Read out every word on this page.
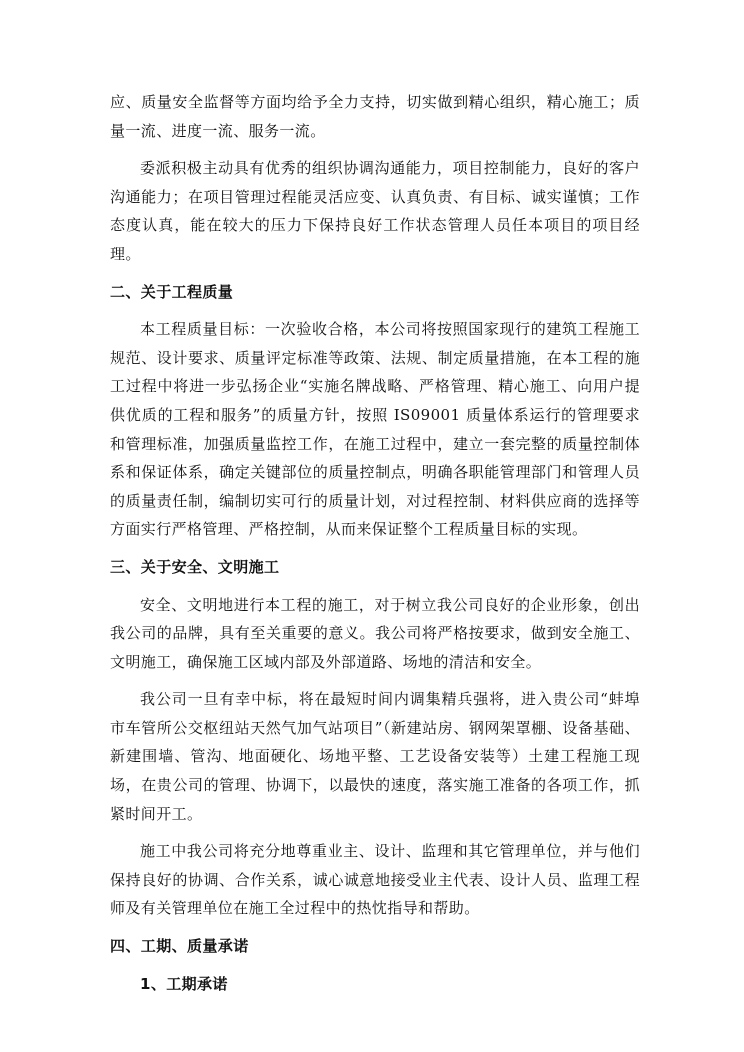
应、质量安全监督等方面均给予全力支持，切实做到精心组织，精心施工；质量一流、进度一流、服务一流。

委派积极主动具有优秀的组织协调沟通能力，项目控制能力，良好的客户沟通能力；在项目管理过程能灵活应变、认真负责、有目标、诚实谨慎；工作态度认真，能在较大的压力下保持良好工作状态管理人员任本项目的项目经理。

二、关于工程质量

本工程质量目标：一次验收合格，本公司将按照国家现行的建筑工程施工规范、设计要求、质量评定标准等政策、法规、制定质量措施，在本工程的施工过程中将进一步弘扬企业“实施名牌战略、严格管理、精心施工、向用户提供优质的工程和服务”的质量方针，按照 IS09001 质量体系运行的管理要求和管理标准，加强质量监控工作，在施工过程中，建立一套完整的质量控制体系和保证体系，确定关键部位的质量控制点，明确各职能管理部门和管理人员的质量责任制，编制切实可行的质量计划，对过程控制、材料供应商的选择等方面实行严格管理、严格控制，从而来保证整个工程质量目标的实现。

三、关于安全、文明施工

安全、文明地进行本工程的施工，对于树立我公司良好的企业形象，创出我公司的品牌，具有至关重要的意义。我公司将严格按要求，做到安全施工、文明施工，确保施工区域内部及外部道路、场地的清洁和安全。

我公司一旦有幸中标，将在最短时间内调集精兵强将，进入贵公司“蚌埠市车管所公交枢纽站天然气加气站项目”（新建站房、钢网架罩棚、设备基础、新建围墙、管沟、地面硬化、场地平整、工艺设备安装等）土建工程施工现场，在贵公司的管理、协调下，以最快的速度，落实施工准备的各项工作，抓紧时间开工。

施工中我公司将充分地尊重业主、设计、监理和其它管理单位，并与他们保持良好的协调、合作关系，诚心诚意地接受业主代表、设计人员、监理工程师及有关管理单位在施工全过程中的热忱指导和帮助。

四、工期、质量承诺
1、工期承诺
